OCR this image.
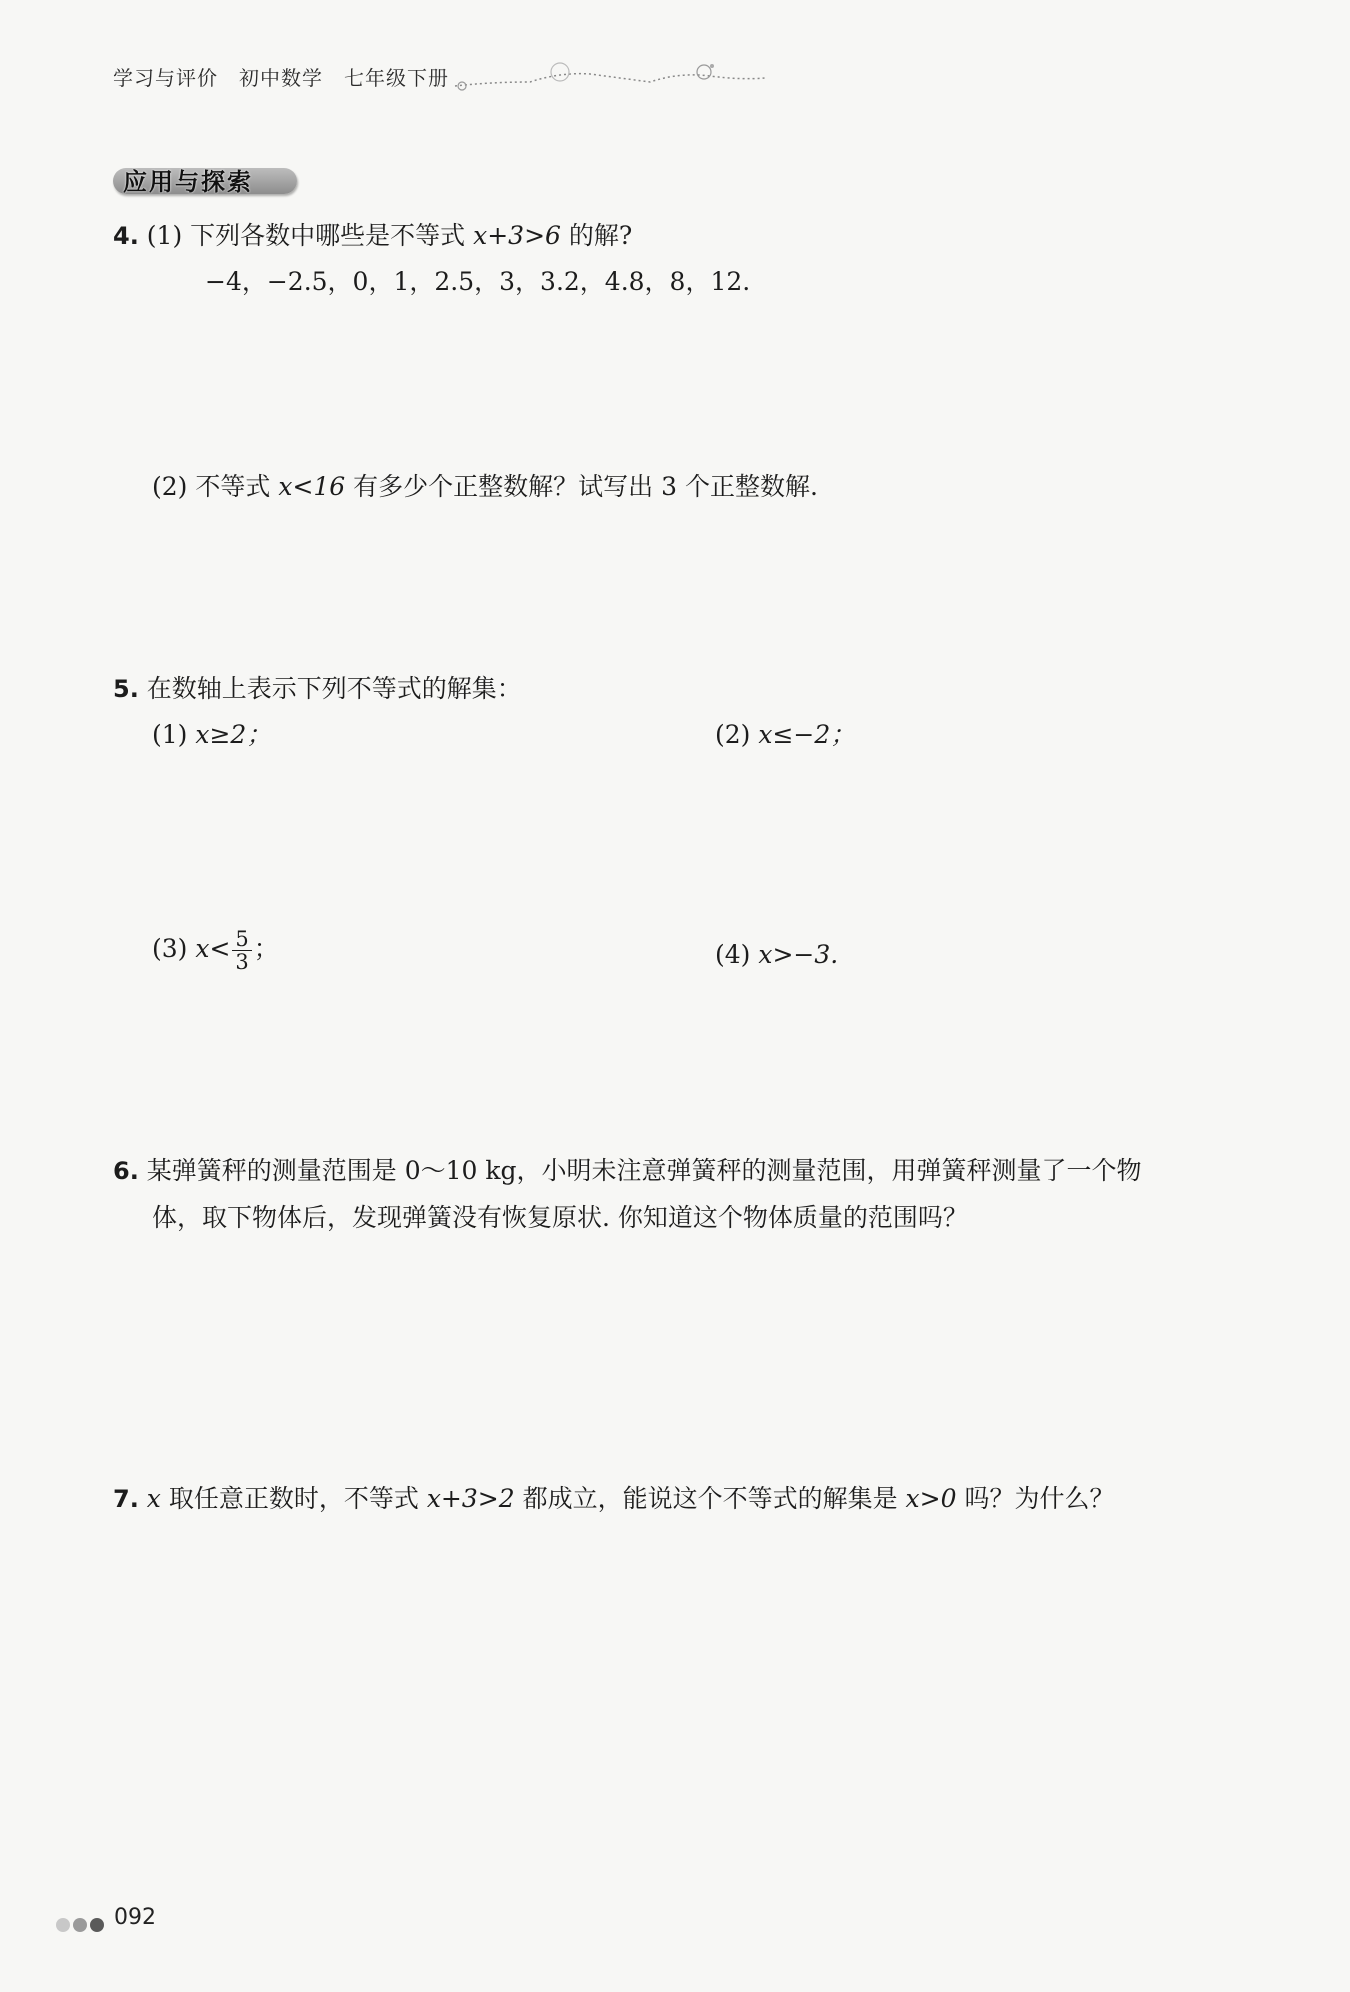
学习与评价　初中数学　七年级下册
应用与探索
4. (1) 下列各数中哪些是不等式 x+3>6 的解?
−4，−2.5，0，1，2.5，3，3.2，4.8，8，12.
(2) 不等式 x<16 有多少个正整数解？试写出 3 个正整数解.
5. 在数轴上表示下列不等式的解集：
(1) x≥2；	(2) x≤−2；
(3) $x< \frac{5}{3}$ ；	(4) x>−3.
6. 某弹簧秤的测量范围是 0～10 kg，小明未注意弹簧秤的测量范围，用弹簧秤测量了一个物
体，取下物体后，发现弹簧没有恢复原状. 你知道这个物体质量的范围吗？
7. x 取任意正数时，不等式 x+3>2 都成立，能说这个不等式的解集是 x>0 吗？为什么？
092
